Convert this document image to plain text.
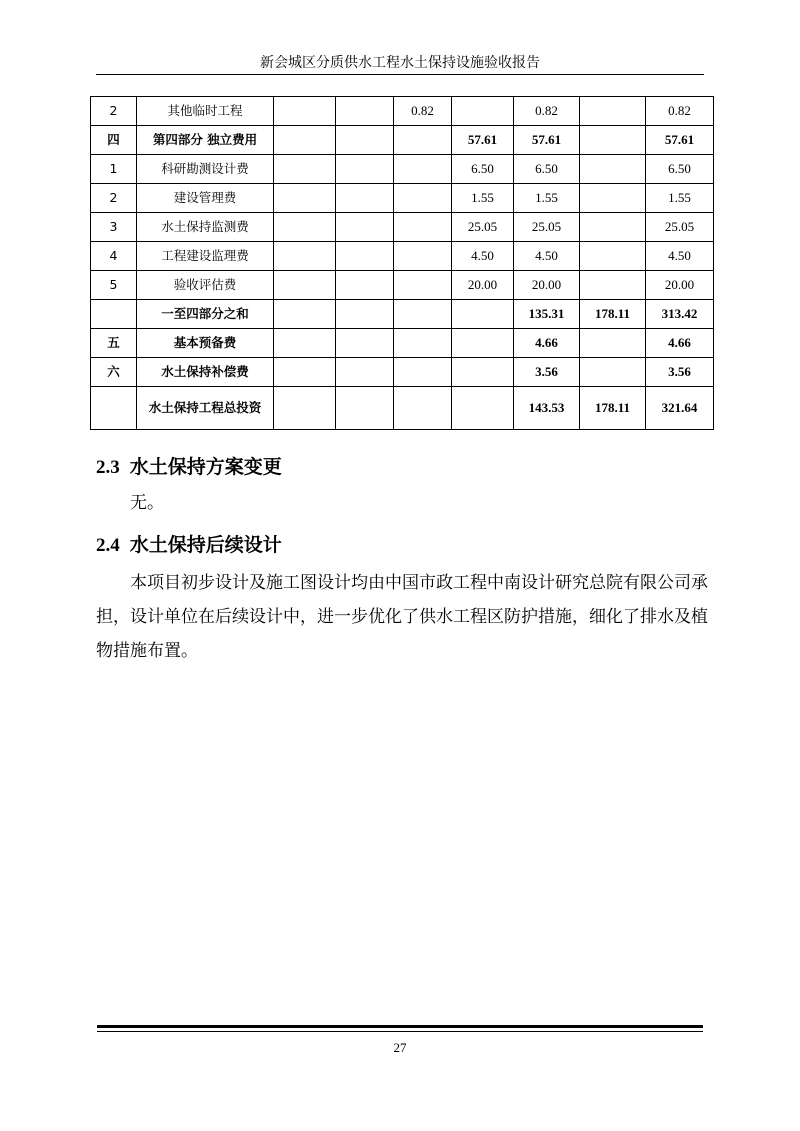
新会城区分质供水工程水土保持设施验收报告
2	其他临时工程			0.82		0.82		0.82
四	第四部分 独立费用				57.61	57.61		57.61
1	科研勘测设计费				6.50	6.50		6.50
2	建设管理费				1.55	1.55		1.55
3	水土保持监测费				25.05	25.05		25.05
4	工程建设监理费				4.50	4.50		4.50
5	验收评估费				20.00	20.00		20.00
	一至四部分之和					135.31	178.11	313.42
五	基本预备费					4.66		4.66
六	水土保持补偿费					3.56		3.56
	水土保持工程总投资					143.53	178.11	321.64
2.3 水土保持方案变更
无。
2.4 水土保持后续设计
本项目初步设计及施工图设计均由中国市政工程中南设计研究总院有限公司承担，设计单位在后续设计中，进一步优化了供水工程区防护措施，细化了排水及植物措施布置。
27
